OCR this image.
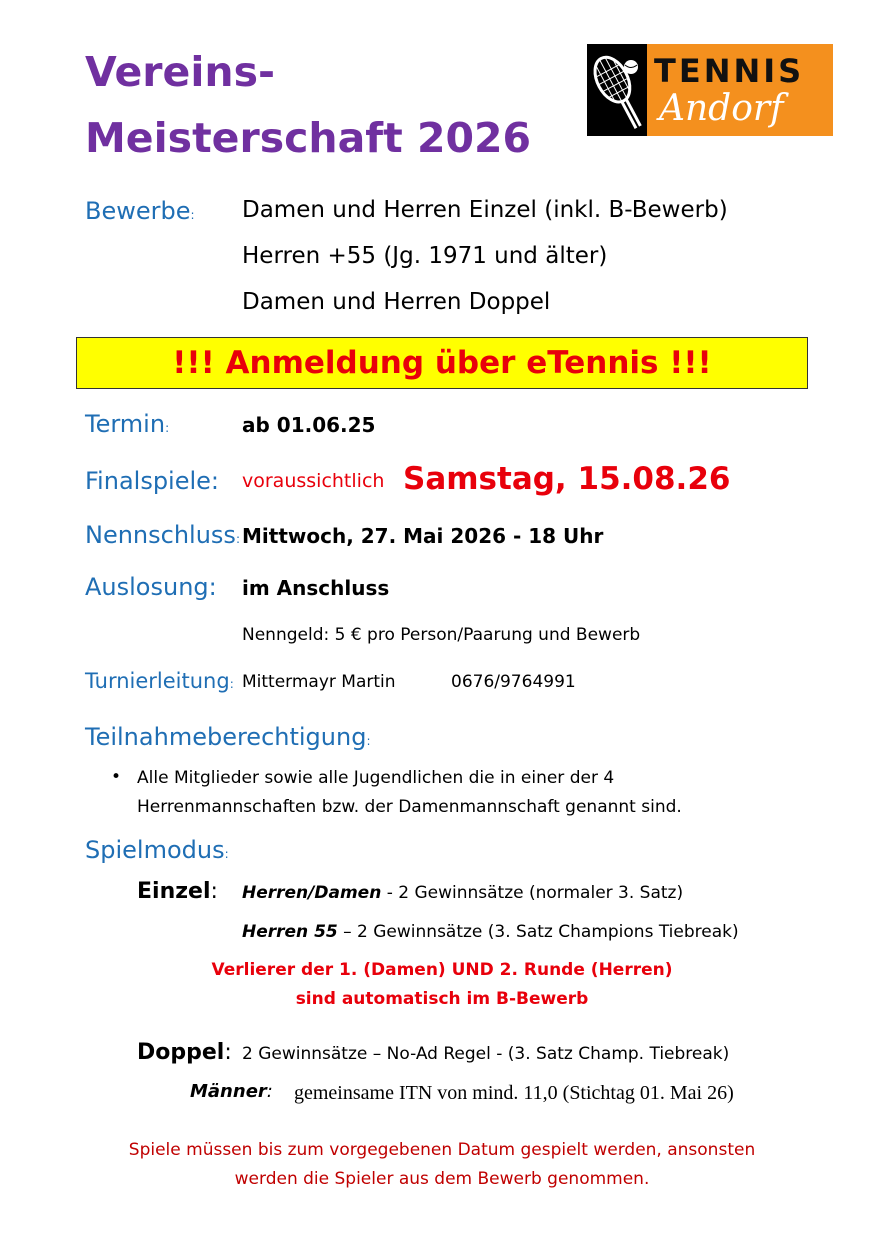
Vereins-
Meisterschaft 2026
TENNIS
Andorf
Bewerbe: Damen und Herren Einzel (inkl. B-Bewerb)
Herren +55 (Jg. 1971 und älter)
Damen und Herren Doppel
!!! Anmeldung über eTennis !!!
Termin:	ab 01.06.25
Finalspiele: voraussichtlich Samstag, 15.08.26
Nennschluss: Mittwoch, 27. Mai 2026 - 18 Uhr
Auslosung: im Anschluss
Nenngeld: 5 € pro Person/Paarung und Bewerb
Turnierleitung: Mittermayr Martin	0676/9764991
Teilnahmeberechtigung:
• Alle Mitglieder sowie alle Jugendlichen die in einer der 4
Herrenmannschaften bzw. der Damenmannschaft genannt sind.
Spielmodus:
Einzel: Herren/Damen - 2 Gewinnsätze (normaler 3. Satz)
Herren 55 – 2 Gewinnsätze (3. Satz Champions Tiebreak)
Verlierer der 1. (Damen) UND 2. Runde (Herren)
sind automatisch im B-Bewerb
Doppel: 2 Gewinnsätze – No-Ad Regel - (3. Satz Champ. Tiebreak)
Männer: gemeinsame ITN von mind. 11,0 (Stichtag 01. Mai 26)
Spiele müssen bis zum vorgegebenen Datum gespielt werden, ansonsten
werden die Spieler aus dem Bewerb genommen.
